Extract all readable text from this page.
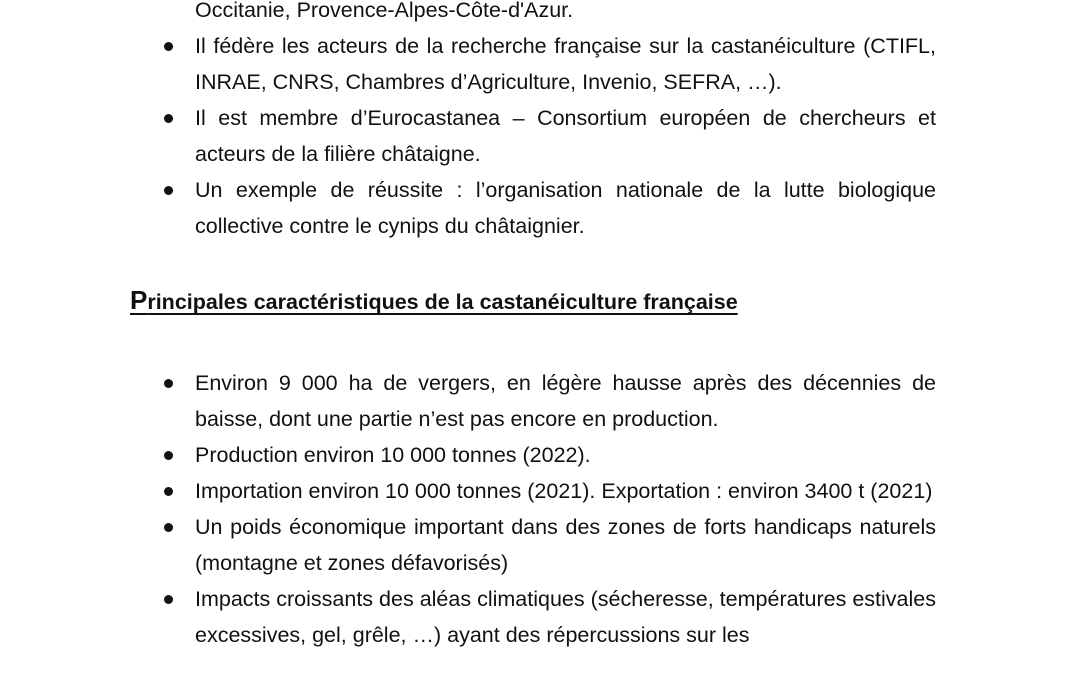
Occitanie, Provence-Alpes-Côte-d'Azur.
Il fédère les acteurs de la recherche française sur la castanéiculture (CTIFL, INRAE, CNRS, Chambres d’Agriculture, Invenio, SEFRA, …).
Il est membre d’Eurocastanea – Consortium européen de chercheurs et acteurs de la filière châtaigne.
Un exemple de réussite : l’organisation nationale de la lutte biologique collective contre le cynips du châtaignier.
Principales caractéristiques de la castanéiculture française
Environ 9 000 ha de vergers, en légère hausse après des décennies de baisse, dont une partie n’est pas encore en production.
Production environ 10 000 tonnes (2022).
Importation environ 10 000 tonnes (2021). Exportation : environ 3400 t (2021)
Un poids économique important dans des zones de forts handicaps naturels (montagne et zones défavorisés)
Impacts croissants des aléas climatiques (sécheresse, températures estivales excessives, gel, grêle, …) ayant des répercussions sur les
